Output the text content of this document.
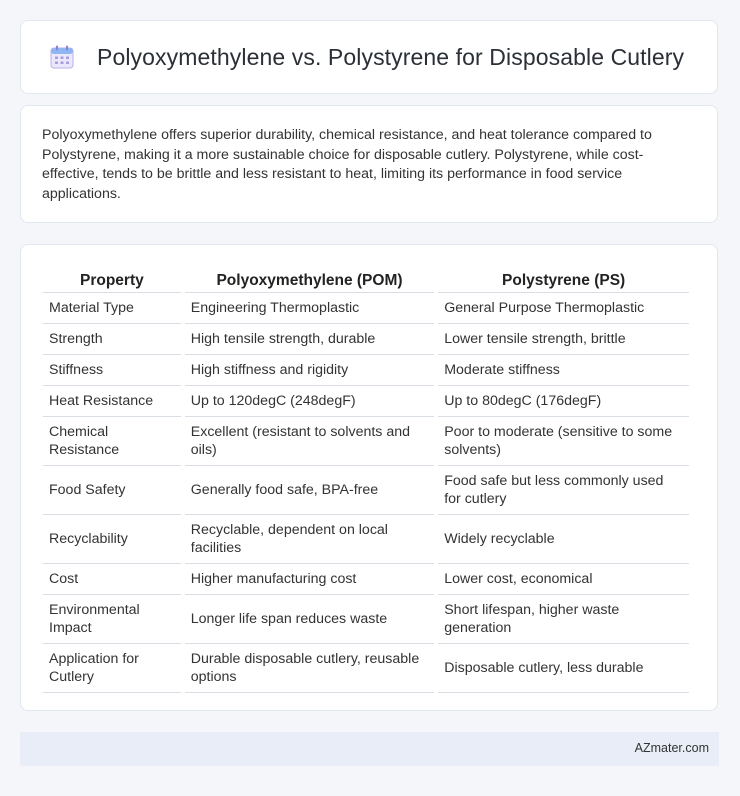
Polyoxymethylene vs. Polystyrene for Disposable Cutlery

Polyoxymethylene offers superior durability, chemical resistance, and heat tolerance compared to Polystyrene, making it a more sustainable choice for disposable cutlery. Polystyrene, while cost-effective, tends to be brittle and less resistant to heat, limiting its performance in food service applications.

Property	Polyoxymethylene (POM)	Polystyrene (PS)
Material Type	Engineering Thermoplastic	General Purpose Thermoplastic
Strength	High tensile strength, durable	Lower tensile strength, brittle
Stiffness	High stiffness and rigidity	Moderate stiffness
Heat Resistance	Up to 120degC (248degF)	Up to 80degC (176degF)
Chemical Resistance	Excellent (resistant to solvents and oils)	Poor to moderate (sensitive to some solvents)
Food Safety	Generally food safe, BPA-free	Food safe but less commonly used for cutlery
Recyclability	Recyclable, dependent on local facilities	Widely recyclable
Cost	Higher manufacturing cost	Lower cost, economical
Environmental Impact	Longer life span reduces waste	Short lifespan, higher waste generation
Application for Cutlery	Durable disposable cutlery, reusable options	Disposable cutlery, less durable
AZmater.com
